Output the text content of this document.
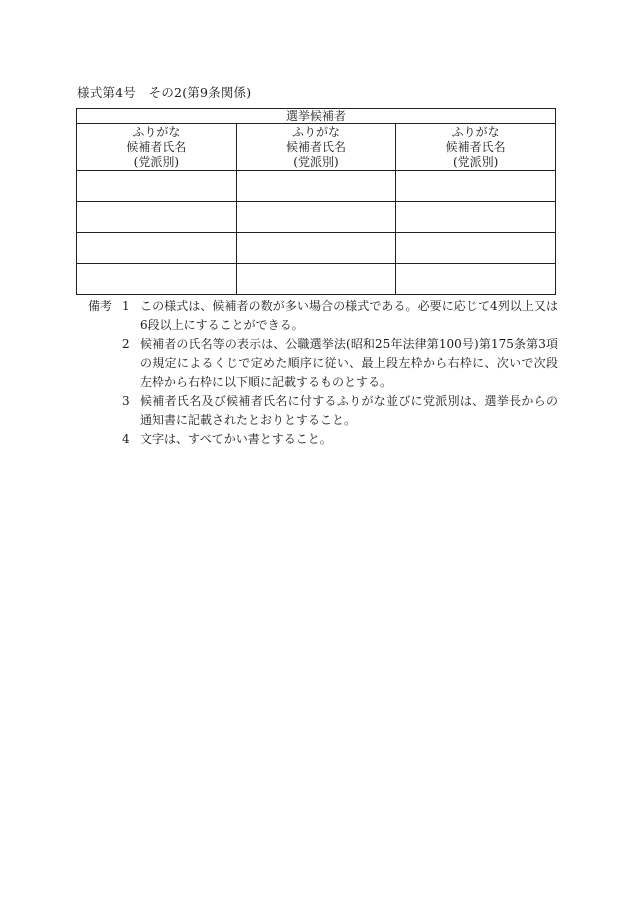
様式第4号　その2(第9条関係)
選挙候補者		

ふりがな
候補者氏名
(党派別)	ふりがな
候補者氏名
(党派別)	ふりがな
候補者氏名
(党派別)

備考 1 この様式は、候補者の数が多い場合の様式である。必要に応じて4列以上又は6段以上にすることができる。
2 候補者の氏名等の表示は、公職選挙法(昭和25年法律第100号)第175条第3項の規定によるくじで定めた順序に従い、最上段左枠から右枠に、次いで次段左枠から右枠に以下順に記載するものとする。
3 候補者氏名及び候補者氏名に付するふりがな並びに党派別は、選挙長からの通知書に記載されたとおりとすること。
4 文字は、すべてかい書とすること。
